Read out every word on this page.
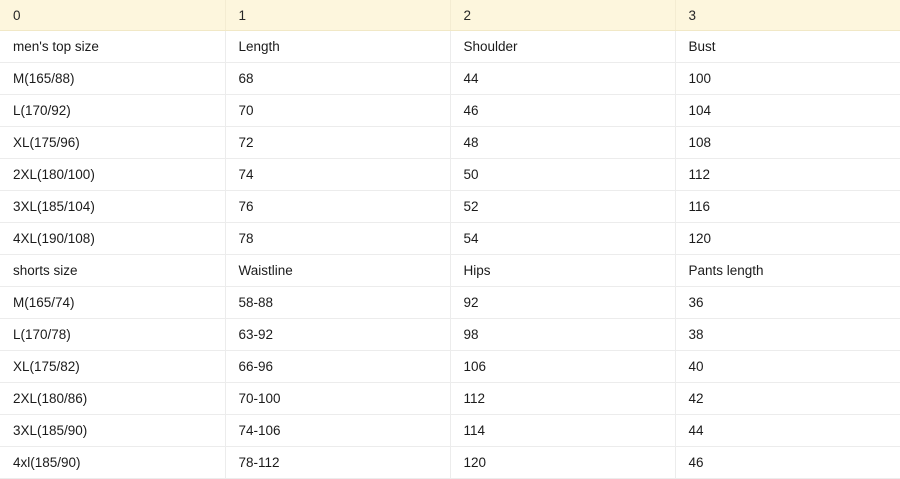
0	1	2	3
men's top size	Length	Shoulder	Bust
M(165/88)	68	44	100
L(170/92)	70	46	104
XL(175/96)	72	48	108
2XL(180/100)	74	50	112
3XL(185/104)	76	52	116
4XL(190/108)	78	54	120
shorts size	Waistline	Hips	Pants length
M(165/74)	58-88	92	36
L(170/78)	63-92	98	38
XL(175/82)	66-96	106	40
2XL(180/86)	70-100	112	42
3XL(185/90)	74-106	114	44
4xl(185/90)	78-112	120	46
